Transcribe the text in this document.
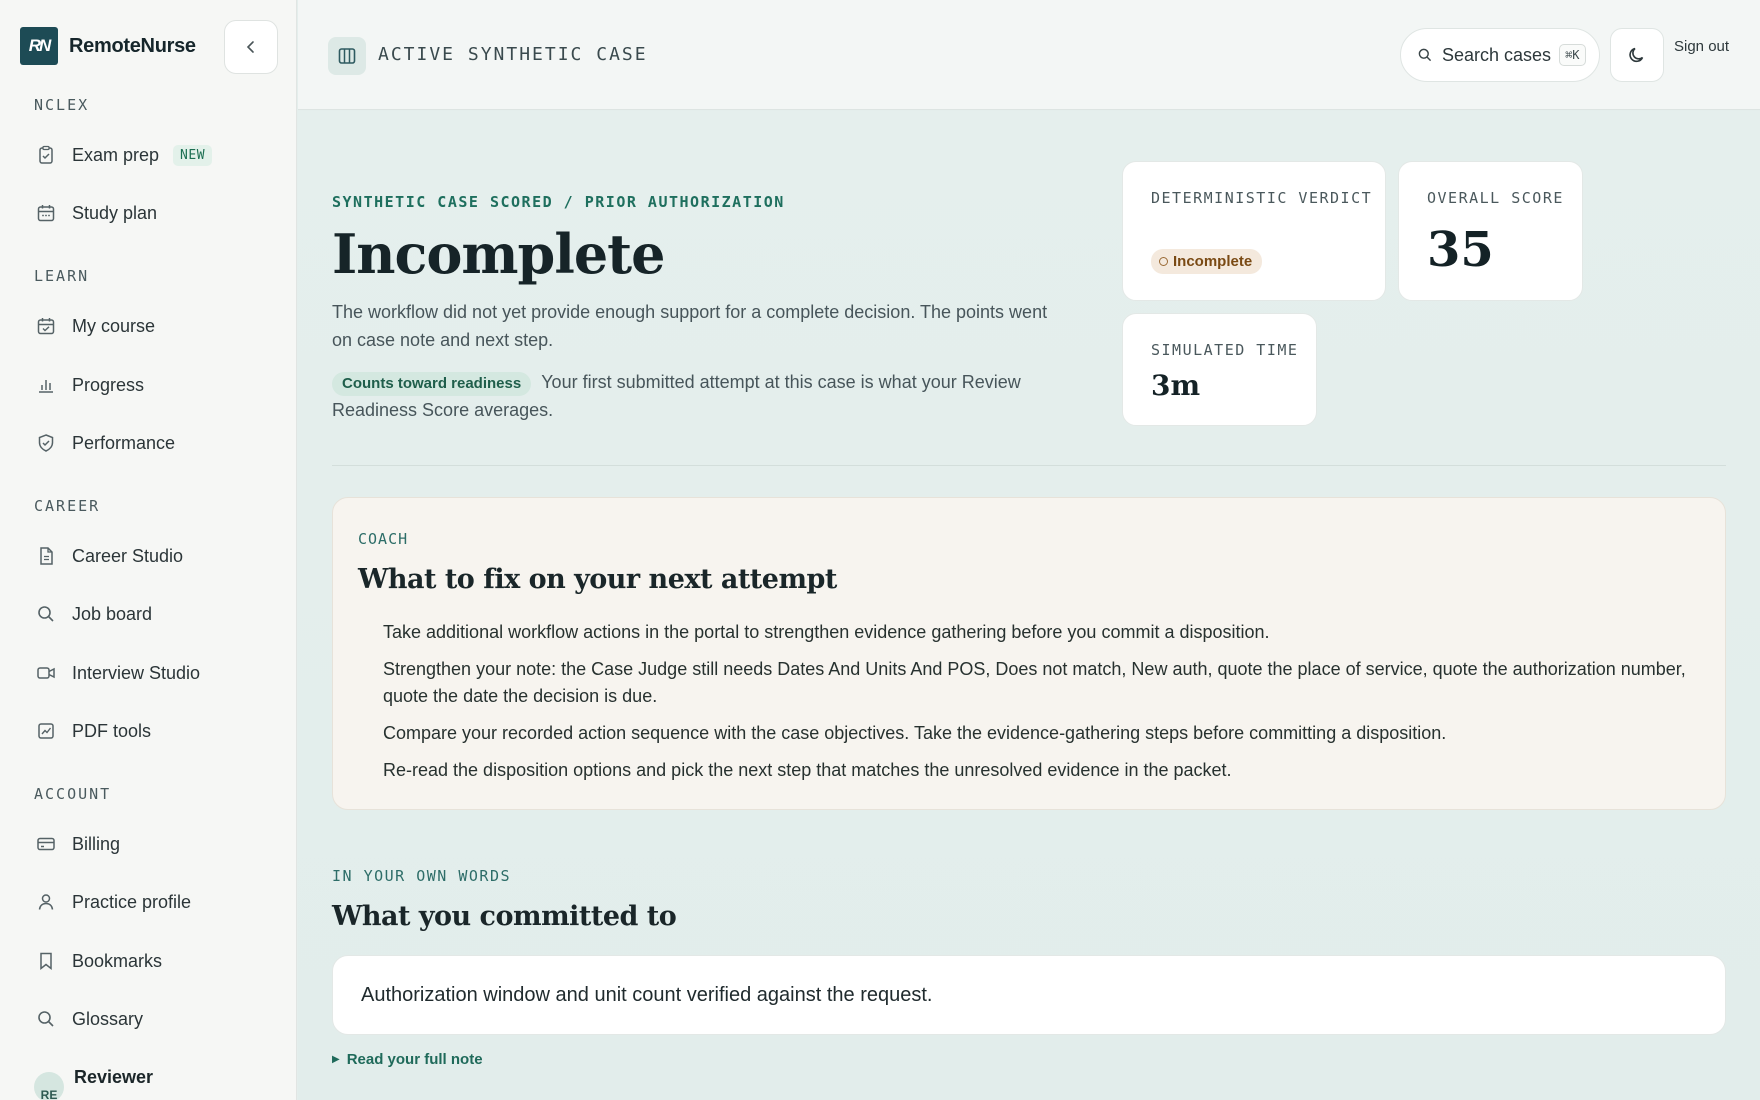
RN RemoteNurse
NCLEX
Exam prep	NEW
Study plan
LEARN
My course
Progress
Performance
CAREER
Career Studio
Job board
Interview Studio
PDF tools
ACCOUNT
Billing
Practice profile
Bookmarks
Glossary
RE
Reviewer
ACTIVE SYNTHETIC CASE	Search cases	⌘K	Sign out
SYNTHETIC CASE SCORED / PRIOR AUTHORIZATION
Incomplete

The workflow did not yet provide enough support for a complete decision. The points went on case note and next step.

Counts toward readiness Your first submitted attempt at this case is what your Review Readiness Score averages.

DETERMINISTIC VERDICT
Incomplete
OVERALL SCORE
35
SIMULATED TIME
3m
COACH
What to fix on your next attempt
Take additional workflow actions in the portal to strengthen evidence gathering before you commit a disposition.
Strengthen your note: the Case Judge still needs Dates And Units And POS, Does not match, New auth, quote the place of service, quote the authorization number, quote the date the decision is due.
Compare your recorded action sequence with the case objectives. Take the evidence-gathering steps before committing a disposition.
Re-read the disposition options and pick the next step that matches the unresolved evidence in the packet.
IN YOUR OWN WORDS
What you committed to
Authorization window and unit count verified against the request.
▶ Read your full note
